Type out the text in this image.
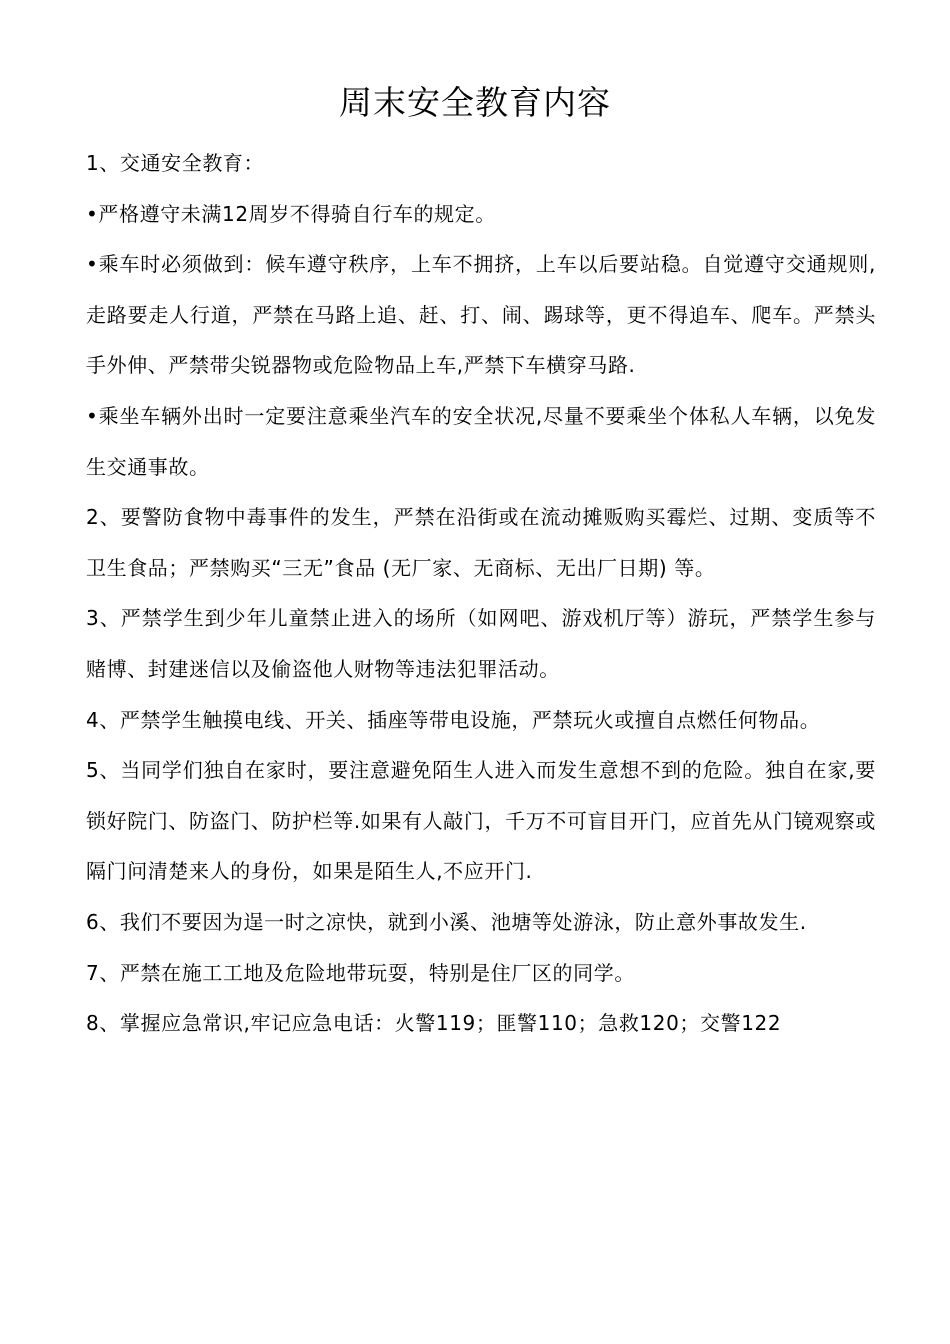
周末安全教育内容

1、交通安全教育：

•严格遵守未满12周岁不得骑自行车的规定。

•乘车时必须做到：候车遵守秩序，上车不拥挤，上车以后要站稳。自觉遵守交通规则,走路要走人行道，严禁在马路上追、赶、打、闹、踢球等，更不得追车、爬车。严禁头手外伸、严禁带尖锐器物或危险物品上车,严禁下车横穿马路.

•乘坐车辆外出时一定要注意乘坐汽车的安全状况,尽量不要乘坐个体私人车辆，以免发生交通事故。

2、要警防食物中毒事件的发生，严禁在沿街或在流动摊贩购买霉烂、过期、变质等不卫生食品；严禁购买“三无”食品 (无厂家、无商标、无出厂日期) 等。

3、严禁学生到少年儿童禁止进入的场所（如网吧、游戏机厅等）游玩，严禁学生参与赌博、封建迷信以及偷盗他人财物等违法犯罪活动。

4、严禁学生触摸电线、开关、插座等带电设施，严禁玩火或擅自点燃任何物品。

5、当同学们独自在家时，要注意避免陌生人进入而发生意想不到的危险。独自在家,要锁好院门、防盗门、防护栏等.如果有人敲门，千万不可盲目开门，应首先从门镜观察或隔门问清楚来人的身份，如果是陌生人,不应开门.

6、我们不要因为逞一时之凉快，就到小溪、池塘等处游泳，防止意外事故发生.

7、严禁在施工工地及危险地带玩耍，特别是住厂区的同学。

8、掌握应急常识,牢记应急电话：火警119；匪警110；急救120；交警122
